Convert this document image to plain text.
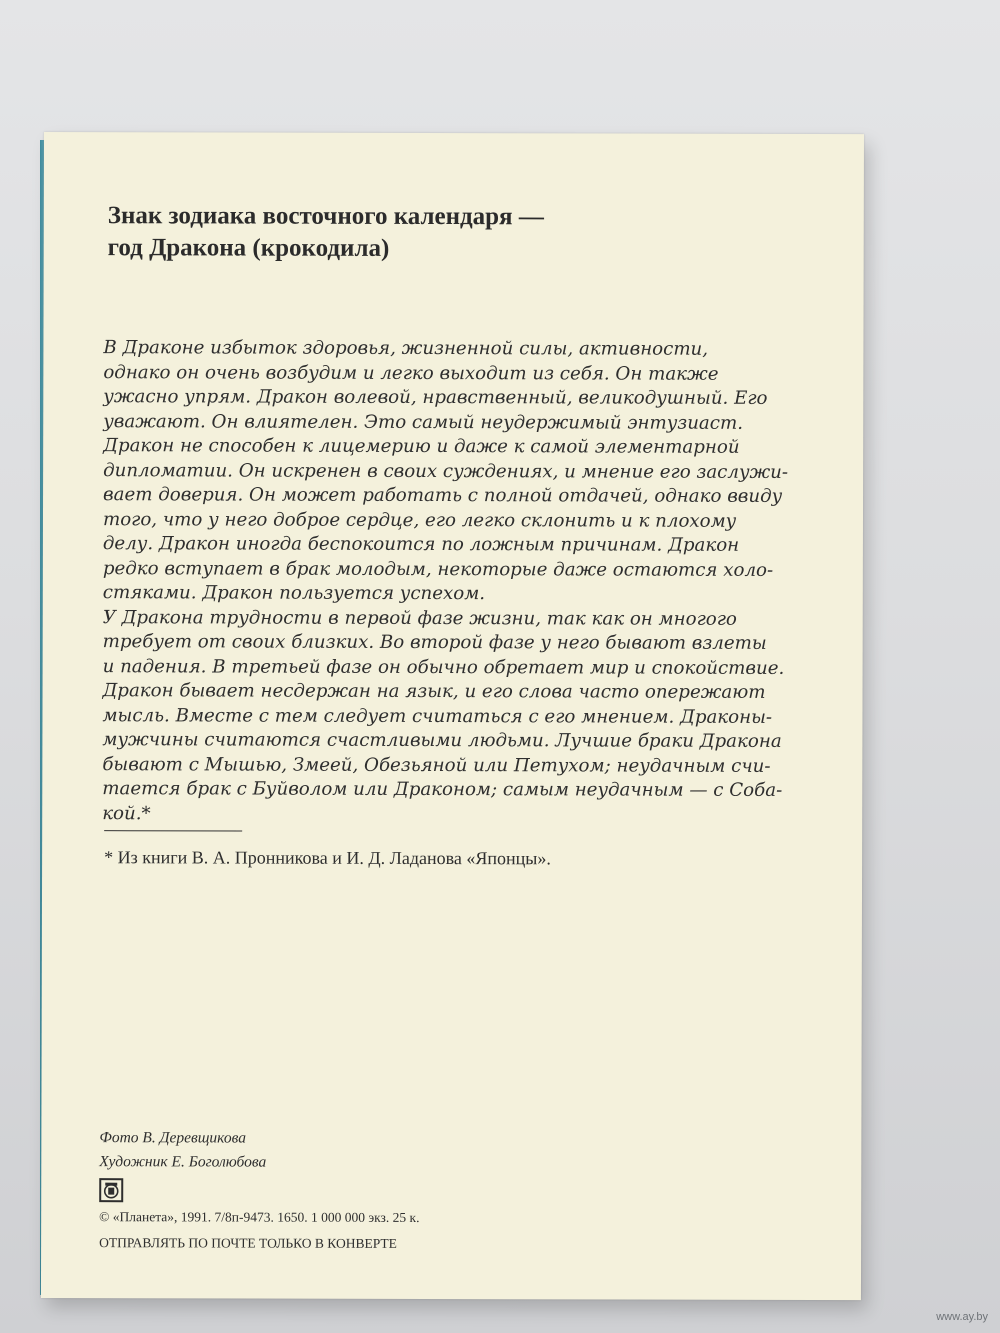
Знак зодиака восточного календаря —
год Дракона (крокодила)
В Драконе избыток здоровья, жизненной силы, активности,
однако он очень возбудим и легко выходит из себя. Он также
ужасно упрям. Дракон волевой, нравственный, великодушный. Его
уважают. Он влиятелен. Это самый неудержимый энтузиаст.
Дракон не способен к лицемерию и даже к самой элементарной
дипломатии. Он искренен в своих суждениях, и мнение его заслужи-
вает доверия. Он может работать с полной отдачей, однако ввиду
того, что у него доброе сердце, его легко склонить и к плохому
делу. Дракон иногда беспокоится по ложным причинам. Дракон
редко вступает в брак молодым, некоторые даже остаются холо-
стяками. Дракон пользуется успехом.
У Дракона трудности в первой фазе жизни, так как он многого
требует от своих близких. Во второй фазе у него бывают взлеты
и падения. В третьей фазе он обычно обретает мир и спокойствие.
Дракон бывает несдержан на язык, и его слова часто опережают
мысль. Вместе с тем следует считаться с его мнением. Драконы-
мужчины считаются счастливыми людьми. Лучшие браки Дракона
бывают с Мышью, Змеей, Обезьяной или Петухом; неудачным счи-
тается брак с Буйволом или Драконом; самым неудачным — с Соба-
кой.*
* Из книги В. А. Пронникова и И. Д. Ладанова «Японцы».
Фото В. Деревщикова
Художник Е. Боголюбова
© «Планета», 1991. 7/8п-9473. 1650. 1 000 000 экз. 25 к.
ОТПРАВЛЯТЬ ПО ПОЧТЕ ТОЛЬКО В КОНВЕРТЕ
www.ay.by
